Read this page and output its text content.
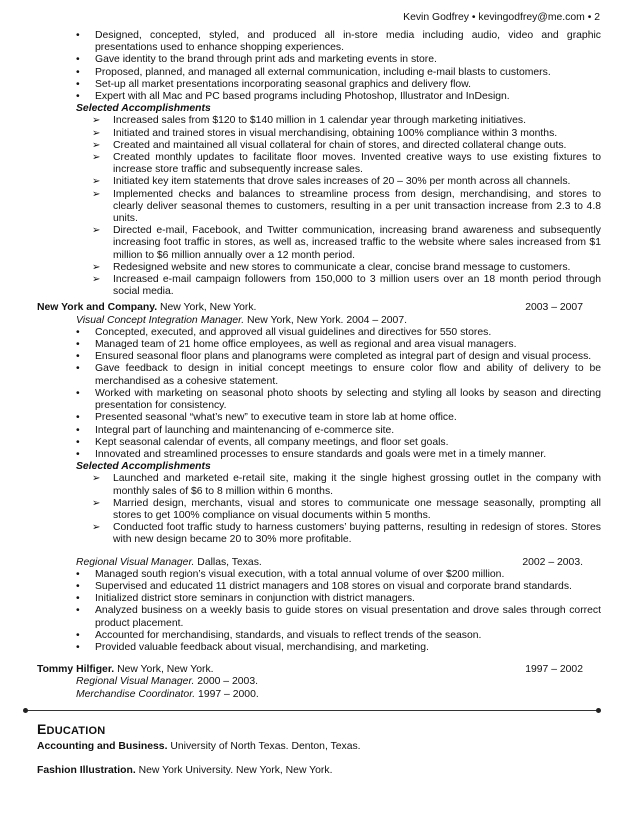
Kevin Godfrey • kevingodfrey@me.com • 2
• Designed, concepted, styled, and produced all in-store media including audio, video and graphic presentations used to enhance shopping experiences.
• Gave identity to the brand through print ads and marketing events in store.
• Proposed, planned, and managed all external communication, including e-mail blasts to customers.
• Set-up all market presentations incorporating seasonal graphics and delivery flow.
• Expert with all Mac and PC based programs including Photoshop, Illustrator and InDesign.
Selected Accomplishments
➢ Increased sales from $120 to $140 million in 1 calendar year through marketing initiatives.
➢ Initiated and trained stores in visual merchandising, obtaining 100% compliance within 3 months.
➢ Created and maintained all visual collateral for chain of stores, and directed collateral change outs.
➢ Created monthly updates to facilitate floor moves. Invented creative ways to use existing fixtures to increase store traffic and subsequently increase sales.
➢ Initiated key item statements that drove sales increases of 20 – 30% per month across all channels.
➢ Implemented checks and balances to streamline process from design, merchandising, and stores to clearly deliver seasonal themes to customers, resulting in a per unit transaction increase from 2.3 to 4.8 units.
➢ Directed e-mail, Facebook, and Twitter communication, increasing brand awareness and subsequently increasing foot traffic in stores, as well as, increased traffic to the website where sales increased from $1 million to $6 million annually over a 12 month period.
➢ Redesigned website and new stores to communicate a clear, concise brand message to customers.
➢ Increased e-mail campaign followers from 150,000 to 3 million users over an 18 month period through social media.
New York and Company. New York, New York.	2003 – 2007
Visual Concept Integration Manager. New York, New York. 2004 – 2007.
• Concepted, executed, and approved all visual guidelines and directives for 550 stores.
• Managed team of 21 home office employees, as well as regional and area visual managers.
• Ensured seasonal floor plans and planograms were completed as integral part of design and visual process.
• Gave feedback to design in initial concept meetings to ensure color flow and ability of delivery to be merchandised as a cohesive statement.
• Worked with marketing on seasonal photo shoots by selecting and styling all looks by season and directing presentation for consistency.
• Presented seasonal “what’s new” to executive team in store lab at home office.
• Integral part of launching and maintenancing of e-commerce site.
• Kept seasonal calendar of events, all company meetings, and floor set goals.
• Innovated and streamlined processes to ensure standards and goals were met in a timely manner.
Selected Accomplishments
➢ Launched and marketed e-retail site, making it the single highest grossing outlet in the company with monthly sales of $6 to 8 million within 6 months.
➢ Married design, merchants, visual and stores to communicate one message seasonally, prompting all stores to get 100% compliance on visual documents within 5 months.
➢ Conducted foot traffic study to harness customers’ buying patterns, resulting in redesign of stores. Stores with new design became 20 to 30% more profitable.
Regional Visual Manager. Dallas, Texas.	2002 – 2003.
• Managed south region’s visual execution, with a total annual volume of over $200 million.
• Supervised and educated 11 district managers and 108 stores on visual and corporate brand standards.
• Initialized district store seminars in conjunction with district managers.
• Analyzed business on a weekly basis to guide stores on visual presentation and drove sales through correct product placement.
• Accounted for merchandising, standards, and visuals to reflect trends of the season.
• Provided valuable feedback about visual, merchandising, and marketing.
Tommy Hilfiger. New York, New York.	1997 – 2002
Regional Visual Manager. 2000 – 2003.
Merchandise Coordinator. 1997 – 2000.
EDUCATION
Accounting and Business. University of North Texas. Denton, Texas.
Fashion Illustration. New York University. New York, New York.
